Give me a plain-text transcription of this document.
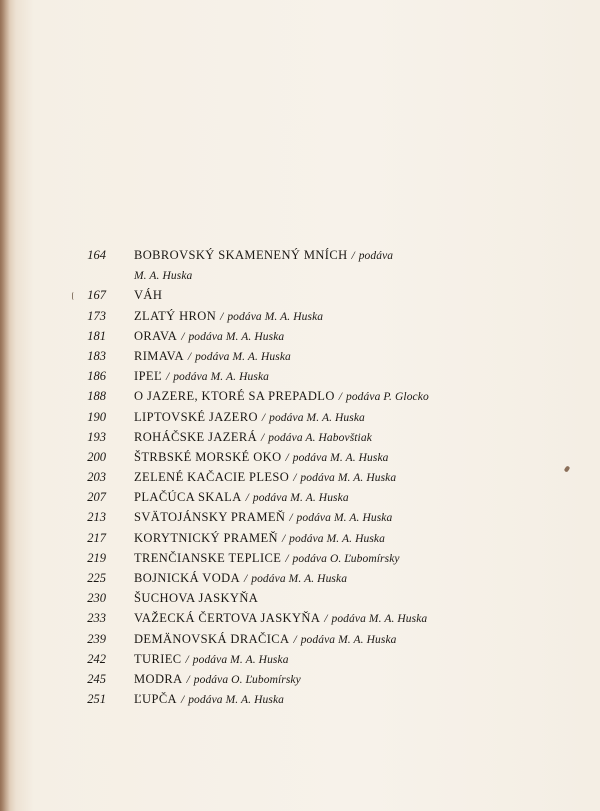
164 BOBROVSKÝ SKAMENENÝ MNÍCH / podáva
M. A. Huska
167 VÁH
173 ZLATÝ HRON / podáva M. A. Huska
181 ORAVA / podáva M. A. Huska
183 RIMAVA / podáva M. A. Huska
186 IPEĽ / podáva M. A. Huska
188 O JAZERE, KTORÉ SA PREPADLO / podáva P. Glocko
190 LIPTOVSKÉ JAZERO / podáva M. A. Huska
193 ROHÁČSKE JAZERÁ / podáva A. Habovštiak
200 ŠTRBSKÉ MORSKÉ OKO / podáva M. A. Huska
203 ZELENÉ KAČACIE PLESO / podáva M. A. Huska
207 PLAČÚCA SKALA / podáva M. A. Huska
213 SVÄTOJÁNSKY PRAMEŇ / podáva M. A. Huska
217 KORYTNICKÝ PRAMEŇ / podáva M. A. Huska
219 TRENČIANSKE TEPLICE / podáva O. Ľubomírsky
225 BOJNICKÁ VODA / podáva M. A. Huska
230 ŠUCHOVA JASKYŇA
233 VAŽECKÁ ČERTOVA JASKYŇA / podáva M. A. Huska
239 DEMÄNOVSKÁ DRAČICA / podáva M. A. Huska
242 TURIEC / podáva M. A. Huska
245 MODRA / podáva O. Ľubomírsky
251 ĽUPČA / podáva M. A. Huska
